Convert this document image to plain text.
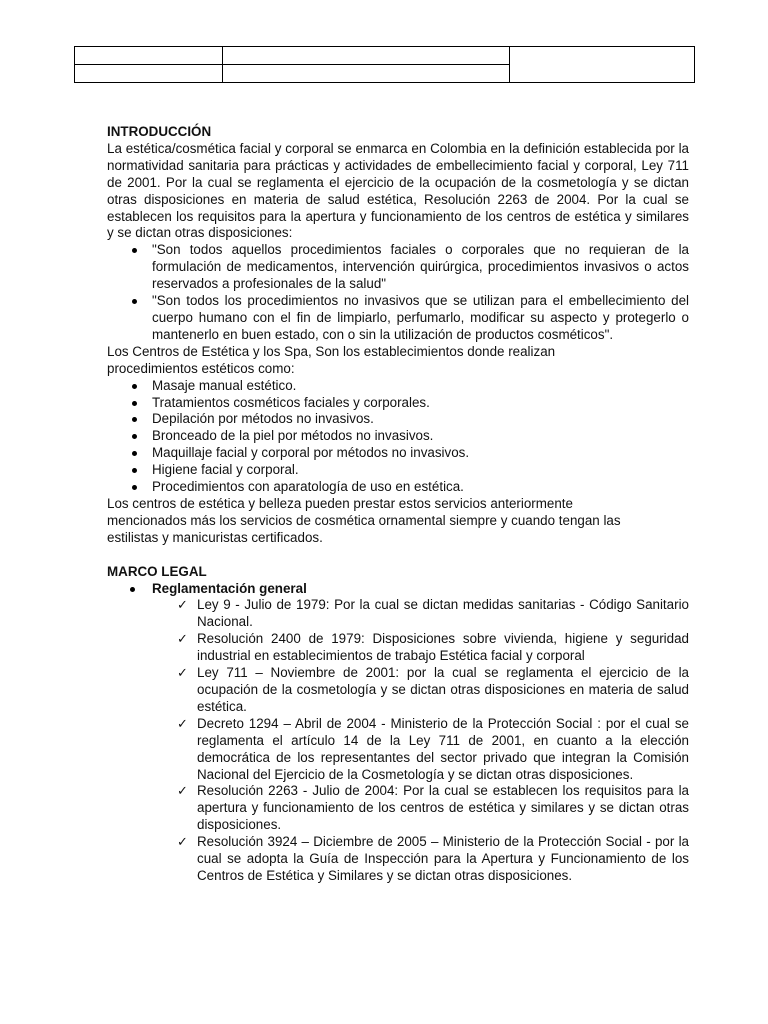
INTRODUCCIÓN

La estética/cosmética facial y corporal se enmarca en Colombia en la definición establecida por la normatividad sanitaria para prácticas y actividades de embellecimiento facial y corporal, Ley 711 de 2001. Por la cual se reglamenta el ejercicio de la ocupación de la cosmetología y se dictan otras disposiciones en materia de salud estética, Resolución 2263 de 2004. Por la cual se establecen los requisitos para la apertura y funcionamiento de los centros de estética y similares y se dictan otras disposiciones:

"Son todos aquellos procedimientos faciales o corporales que no requieran de la formulación de medicamentos, intervención quirúrgica, procedimientos invasivos o actos reservados a profesionales de la salud"
"Son todos los procedimientos no invasivos que se utilizan para el embellecimiento del cuerpo humano con el fin de limpiarlo, perfumarlo, modificar su aspecto y protegerlo o mantenerlo en buen estado, con o sin la utilización de productos cosméticos".

Los Centros de Estética y los Spa, Son los establecimientos donde realizan procedimientos estéticos como:

Masaje manual estético.
Tratamientos cosméticos faciales y corporales.
Depilación por métodos no invasivos.
Bronceado de la piel por métodos no invasivos.
Maquillaje facial y corporal por métodos no invasivos.
Higiene facial y corporal.
Procedimientos con aparatología de uso en estética.

Los centros de estética y belleza pueden prestar estos servicios anteriormente mencionados más los servicios de cosmética ornamental siempre y cuando tengan las estilistas y manicuristas certificados.

MARCO LEGAL

Reglamentación general
✓ Ley 9 - Julio de 1979: Por la cual se dictan medidas sanitarias - Código Sanitario Nacional.
✓ Resolución 2400 de 1979: Disposiciones sobre vivienda, higiene y seguridad industrial en establecimientos de trabajo Estética facial y corporal
✓ Ley 711 – Noviembre de 2001: por la cual se reglamenta el ejercicio de la ocupación de la cosmetología y se dictan otras disposiciones en materia de salud estética.
✓ Decreto 1294 – Abril de 2004 - Ministerio de la Protección Social : por el cual se reglamenta el artículo 14 de la Ley 711 de 2001, en cuanto a la elección democrática de los representantes del sector privado que integran la Comisión Nacional del Ejercicio de la Cosmetología y se dictan otras disposiciones.
✓ Resolución 2263 - Julio de 2004: Por la cual se establecen los requisitos para la apertura y funcionamiento de los centros de estética y similares y se dictan otras disposiciones.
✓ Resolución 3924 – Diciembre de 2005 – Ministerio de la Protección Social - por la cual se adopta la Guía de Inspección para la Apertura y Funcionamiento de los Centros de Estética y Similares y se dictan otras disposiciones.
